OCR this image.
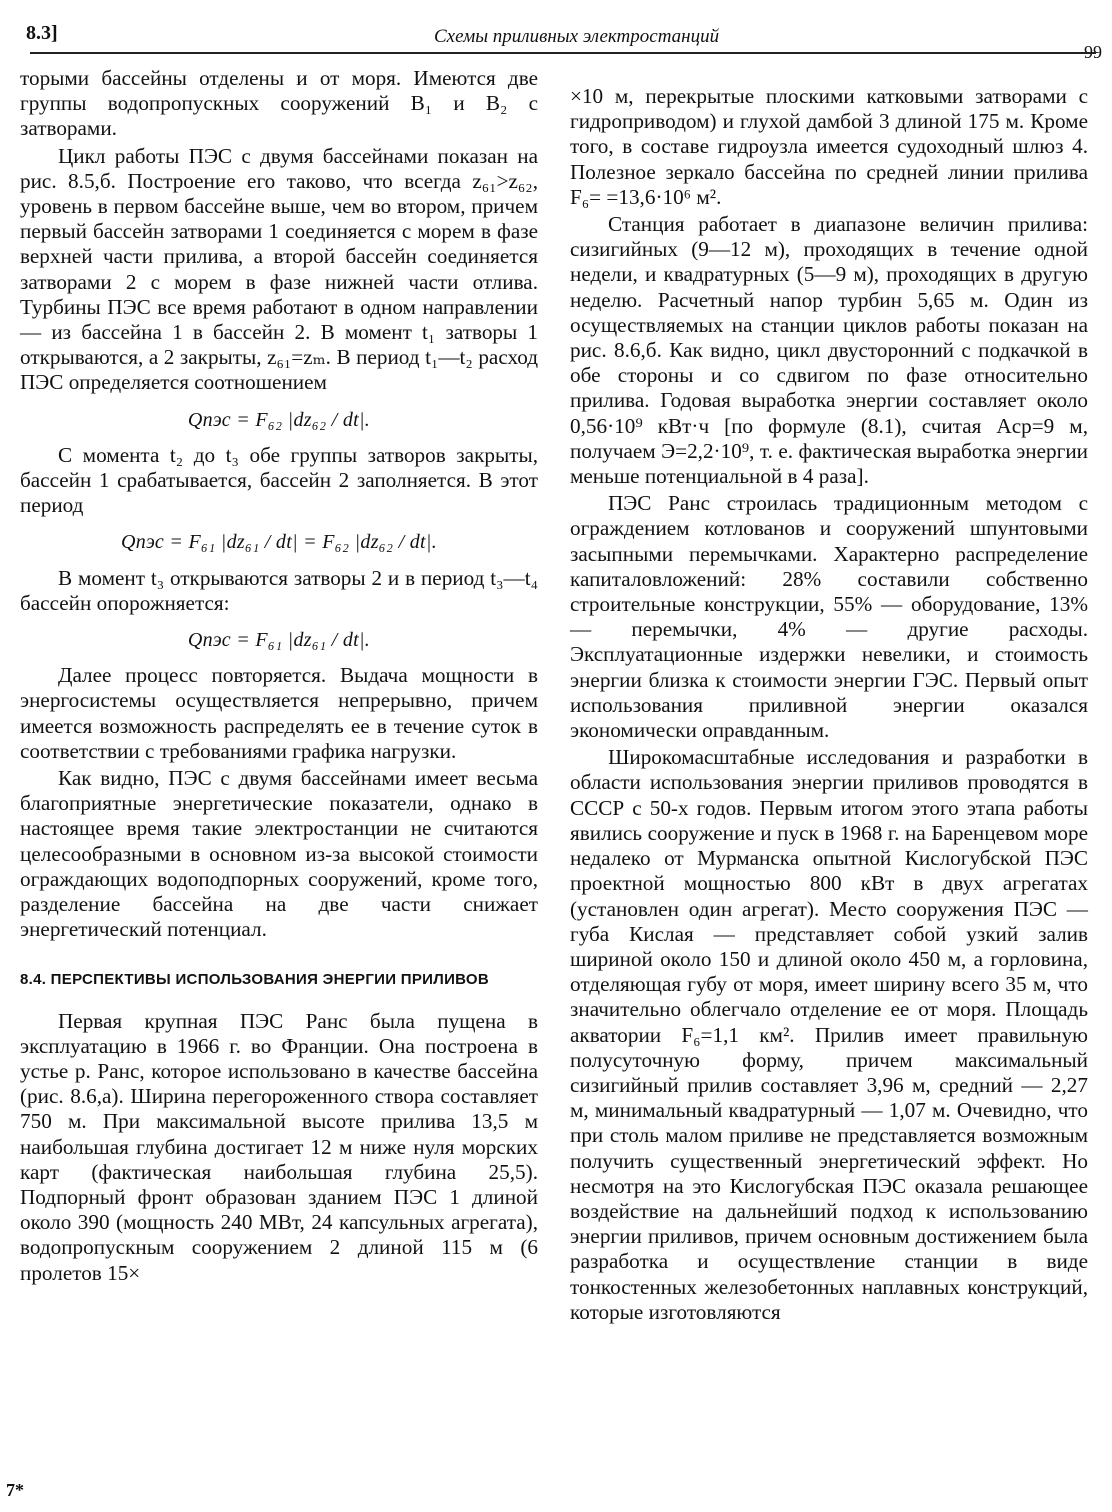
8.3]	Схемы приливных электростанций
99

торыми бассейны отделены и от моря. Имеются две группы водопропускных сооружений B₁ и B₂ с затворами.

Цикл работы ПЭС с двумя бассейнами показан на рис. 8.5,б. Построение его таково, что всегда z₆₁>z₆₂, уровень в первом бассейне выше, чем во втором, причем первый бассейн затворами 1 соединяется с морем в фазе верхней части прилива, а второй бассейн соединяется затворами 2 с морем в фазе нижней части отлива. Турбины ПЭС все время работают в одном направлении — из бассейна 1 в бассейн 2. В момент t₁ затворы 1 открываются, а 2 закрыты, z₆₁=zₘ. В период t₁—t₂ расход ПЭС определяется соотношением

Qпэс = F₆₂ |dz₆₂ / dt|.

С момента t₂ до t₃ обе группы затворов закрыты, бассейн 1 срабатывается, бассейн 2 заполняется. В этот период

Qпэс = F₆₁ |dz₆₁ / dt| = F₆₂ |dz₆₂ / dt|.

В момент t₃ открываются затворы 2 и в период t₃—t₄ бассейн опорожняется:

Qпэс = F₆₁ |dz₆₁ / dt|.

Далее процесс повторяется. Выдача мощности в энергосистемы осуществляется непрерывно, причем имеется возможность распределять ее в течение суток в соответствии с требованиями графика нагрузки.

Как видно, ПЭС с двумя бассейнами имеет весьма благоприятные энергетические показатели, однако в настоящее время такие электростанции не считаются целесообразными в основном из-за высокой стоимости ограждающих водоподпорных сооружений, кроме того, разделение бассейна на две части снижает энергетический потенциал.

8.4. ПЕРСПЕКТИВЫ ИСПОЛЬЗОВАНИЯ ЭНЕРГИИ ПРИЛИВОВ

Первая крупная ПЭС Ранс была пущена в эксплуатацию в 1966 г. во Франции. Она построена в устье р. Ранс, которое использовано в качестве бассейна (рис. 8.6,а). Ширина перегороженного створа составляет 750 м. При максимальной высоте прилива 13,5 м наибольшая глубина достигает 12 м ниже нуля морских карт (фактическая наибольшая глубина 25,5). Подпорный фронт образован зданием ПЭС 1 длиной около 390 (мощность 240 МВт, 24 капсульных агрегата), водопропускным сооружением 2 длиной 115 м (6 пролетов 15×

×10 м, перекрытые плоскими катковыми затворами с гидроприводом) и глухой дамбой 3 длиной 175 м. Кроме того, в составе гидроузла имеется судоходный шлюз 4. Полезное зеркало бассейна по средней линии прилива F₆= =13,6·10⁶ м².

Станция работает в диапазоне величин прилива: сизигийных (9—12 м), проходящих в течение одной недели, и квадратурных (5—9 м), проходящих в другую неделю. Расчетный напор турбин 5,65 м. Один из осуществляемых на станции циклов работы показан на рис. 8.6,б. Как видно, цикл двусторонний с подкачкой в обе стороны и со сдвигом по фазе относительно прилива. Годовая выработка энергии составляет около 0,56·10⁹ кВт·ч [по формуле (8.1), считая Aср=9 м, получаем Э=2,2·10⁹, т. е. фактическая выработка энергии меньше потенциальной в 4 раза].

ПЭС Ранс строилась традиционным методом с ограждением котлованов и сооружений шпунтовыми засыпными перемычками. Характерно распределение капиталовложений: 28% составили собственно строительные конструкции, 55% — оборудование, 13% — перемычки, 4% — другие расходы. Эксплуатационные издержки невелики, и стоимость энергии близка к стоимости энергии ГЭС. Первый опыт использования приливной энергии оказался экономически оправданным.

Широкомасштабные исследования и разработки в области использования энергии приливов проводятся в СССР с 50-х годов. Первым итогом этого этапа работы явились сооружение и пуск в 1968 г. на Баренцевом море недалеко от Мурманска опытной Кислогубской ПЭС проектной мощностью 800 кВт в двух агрегатах (установлен один агрегат). Место сооружения ПЭС — губа Кислая — представляет собой узкий залив шириной около 150 и длиной около 450 м, а горловина, отделяющая губу от моря, имеет ширину всего 35 м, что значительно облегчало отделение ее от моря. Площадь акватории F₆=1,1 км². Прилив имеет правильную полусуточную форму, причем максимальный сизигийный прилив составляет 3,96 м, средний — 2,27 м, минимальный квадратурный — 1,07 м. Очевидно, что при столь малом приливе не представляется возможным получить существенный энергетический эффект. Но несмотря на это Кислогубская ПЭС оказала решающее воздействие на дальнейший подход к использованию энергии приливов, причем основным достижением была разработка и осуществление станции в виде тонкостенных железобетонных наплавных конструкций, которые изготовляются

7*
